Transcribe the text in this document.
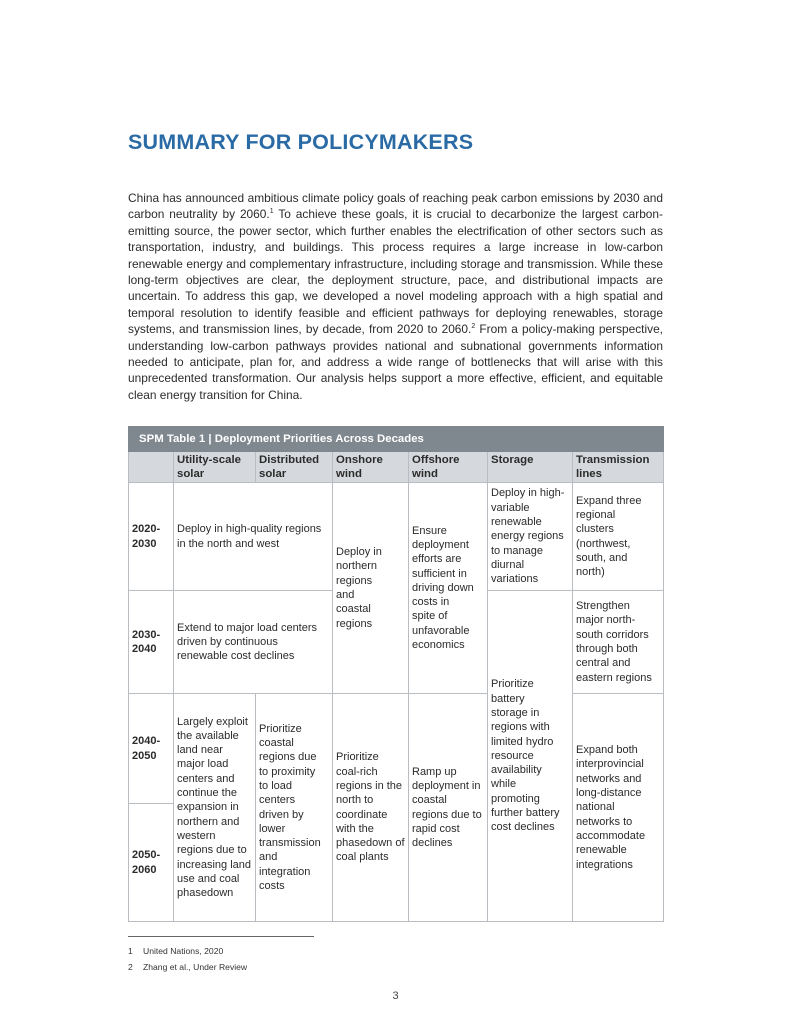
SUMMARY FOR POLICYMAKERS

China has announced ambitious climate policy goals of reaching peak carbon emissions by 2030 and carbon neutrality by 2060.$^1$ To achieve these goals, it is crucial to decarbonize the largest carbon-emitting source, the power sector, which further enables the electrification of other sectors such as transportation, industry, and buildings. This process requires a large increase in low-carbon renewable energy and complementary infrastructure, including storage and transmission. While these long-term objectives are clear, the deployment structure, pace, and distributional impacts are uncertain. To address this gap, we developed a novel modeling approach with a high spatial and temporal resolution to identify feasible and efficient pathways for deploying renewables, storage systems, and transmission lines, by decade, from 2020 to 2060.$^2$ From a policy-making perspective, understanding low-carbon pathways provides national and subnational governments information needed to anticipate, plan for, and address a wide range of bottlenecks that will arise with this unprecedented transformation. Our analysis helps support a more effective, efficient, and equitable clean energy transition for China.

SPM Table 1 | Deployment Priorities Across Decades						
	Utility-scale solar	Distributed solar	Onshore wind	Offshore wind	Storage	Transmission lines
2020-2030	Deploy in high-quality regions in the north and west		Deploy in northern regions and coastal regions	Ensure deployment efforts are sufficient in driving down costs in spite of unfavorable economics	Deploy in high-variable renewable energy regions to manage diurnal variations	Expand three regional clusters (northwest, south, and north)
2030-2040	Extend to major load centers driven by continuous renewable cost declines				Prioritize battery storage in regions with limited hydro resource availability while promoting further battery cost declines	Strengthen major north-south corridors through both central and eastern regions
2040-2050	Largely exploit the available land near major load centers and continue the expansion in northern and western regions due to increasing land use and coal phasedown	Prioritize coastal regions due to proximity to load centers driven by lower transmission and integration costs	Prioritize coal-rich regions in the north to coordinate with the phasedown of coal plants	Ramp up deployment in coastal regions due to rapid cost declines		Expand both interprovincial networks and long-distance national networks to accommodate renewable integrations
2050-2060						
1 United Nations, 2020
2 Zhang et al., Under Review
3
